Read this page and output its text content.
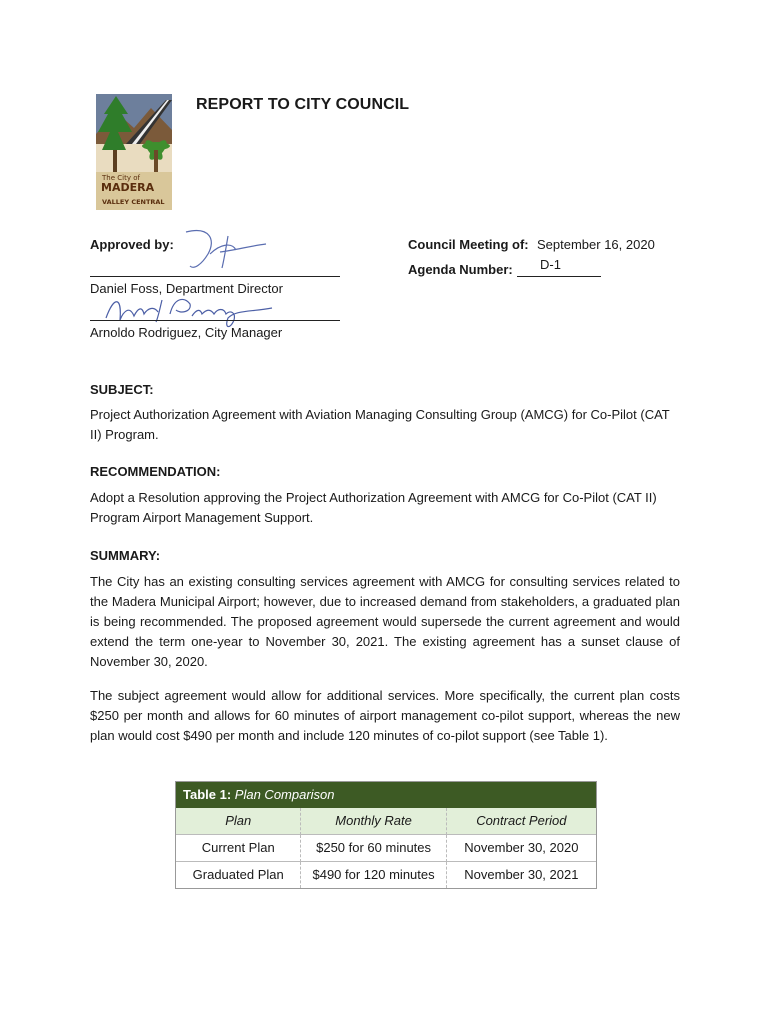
The City of
MADERA
VALLEY CENTRAL
REPORT TO CITY COUNCIL
Approved by:
Daniel Foss, Department Director
Arnoldo Rodriguez, City Manager
Council Meeting of: September 16, 2020
Agenda Number: D-1
SUBJECT:
Project Authorization Agreement with Aviation Managing Consulting Group (AMCG) for Co-Pilot (CAT II) Program.
RECOMMENDATION:
Adopt a Resolution approving the Project Authorization Agreement with AMCG for Co-Pilot (CAT II) Program Airport Management Support.
SUMMARY:
The City has an existing consulting services agreement with AMCG for consulting services related to the Madera Municipal Airport; however, due to increased demand from stakeholders, a graduated plan is being recommended. The proposed agreement would supersede the current agreement and would extend the term one-year to November 30, 2021. The existing agreement has a sunset clause of November 30, 2020.
The subject agreement would allow for additional services. More specifically, the current plan costs $250 per month and allows for 60 minutes of airport management co-pilot support, whereas the new plan would cost $490 per month and include 120 minutes of co-pilot support (see Table 1).
Table 1: Plan Comparison
Plan	Monthly Rate	Contract Period
Current Plan	$250 for 60 minutes	November 30, 2020
Graduated Plan	$490 for 120 minutes	November 30, 2021
